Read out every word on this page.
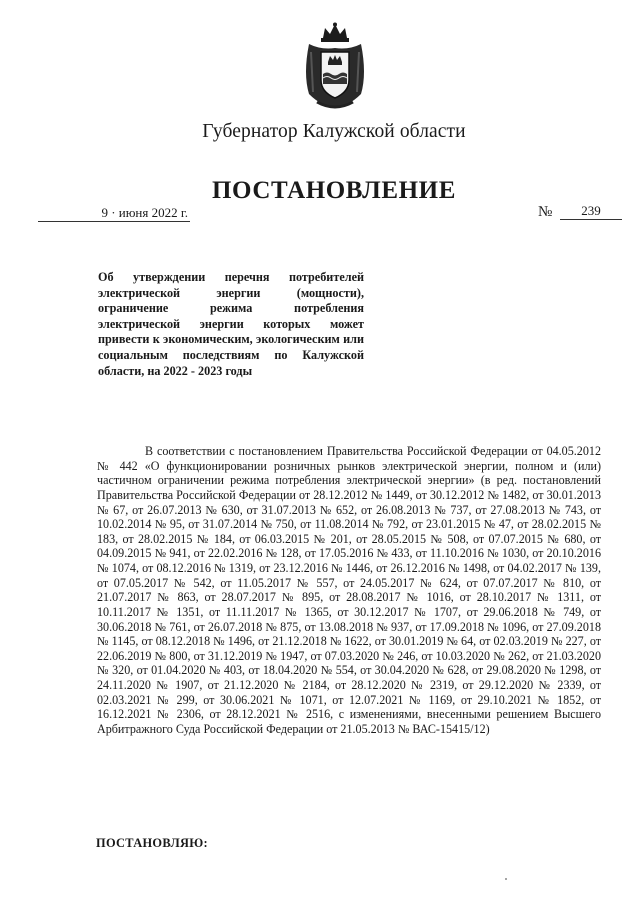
Губернатор Калужской области
ПОСТАНОВЛЕНИЕ
9 · июня 2022 г.	№	239

Об утверждении перечня потребителей электрической энергии (мощности), ограничение режима потребления электрической энергии которых может привести к экономическим, экологическим или социальным последствиям по Калужской области, на 2022 - 2023 годы

В соответствии с постановлением Правительства Российской Федерации от 04.05.2012 № 442 «О функционировании розничных рынков электрической энергии, полном и (или) частичном ограничении режима потребления электрической энергии» (в ред. постановлений Правительства Российской Федерации от 28.12.2012 № 1449, от 30.12.2012 № 1482, от 30.01.2013 № 67, от 26.07.2013 № 630, от 31.07.2013 № 652, от 26.08.2013 № 737, от 27.08.2013 № 743, от 10.02.2014 № 95, от 31.07.2014 № 750, от 11.08.2014 № 792, от 23.01.2015 № 47, от 28.02.2015 № 183, от 28.02.2015 № 184, от 06.03.2015 № 201, от 28.05.2015 № 508, от 07.07.2015 № 680, от 04.09.2015 № 941, от 22.02.2016 № 128, от 17.05.2016 № 433, от 11.10.2016 № 1030, от 20.10.2016 № 1074, от 08.12.2016 № 1319, от 23.12.2016 № 1446, от 26.12.2016 № 1498, от 04.02.2017 № 139, от 07.05.2017 № 542, от 11.05.2017 № 557, от 24.05.2017 № 624, от 07.07.2017 № 810, от 21.07.2017 № 863, от 28.07.2017 № 895, от 28.08.2017 № 1016, от 28.10.2017 № 1311, от 10.11.2017 № 1351, от 11.11.2017 № 1365, от 30.12.2017 № 1707, от 29.06.2018 № 749, от 30.06.2018 № 761, от 26.07.2018 № 875, от 13.08.2018 № 937, от 17.09.2018 № 1096, от 27.09.2018 № 1145, от 08.12.2018 № 1496, от 21.12.2018 № 1622, от 30.01.2019 № 64, от 02.03.2019 № 227, от 22.06.2019 № 800, от 31.12.2019 № 1947, от 07.03.2020 № 246, от 10.03.2020 № 262, от 21.03.2020 № 320, от 01.04.2020 № 403, от 18.04.2020 № 554, от 30.04.2020 № 628, от 29.08.2020 № 1298, от 24.11.2020 № 1907, от 21.12.2020 № 2184, от 28.12.2020 № 2319, от 29.12.2020 № 2339, от 02.03.2021 № 299, от 30.06.2021 № 1071, от 12.07.2021 № 1169, от 29.10.2021 № 1852, от 16.12.2021 № 2306, от 28.12.2021 № 2516, с изменениями, внесенными решением Высшего Арбитражного Суда Российской Федерации от 21.05.2013 № ВАС-15415/12)

ПОСТАНОВЛЯЮ:
